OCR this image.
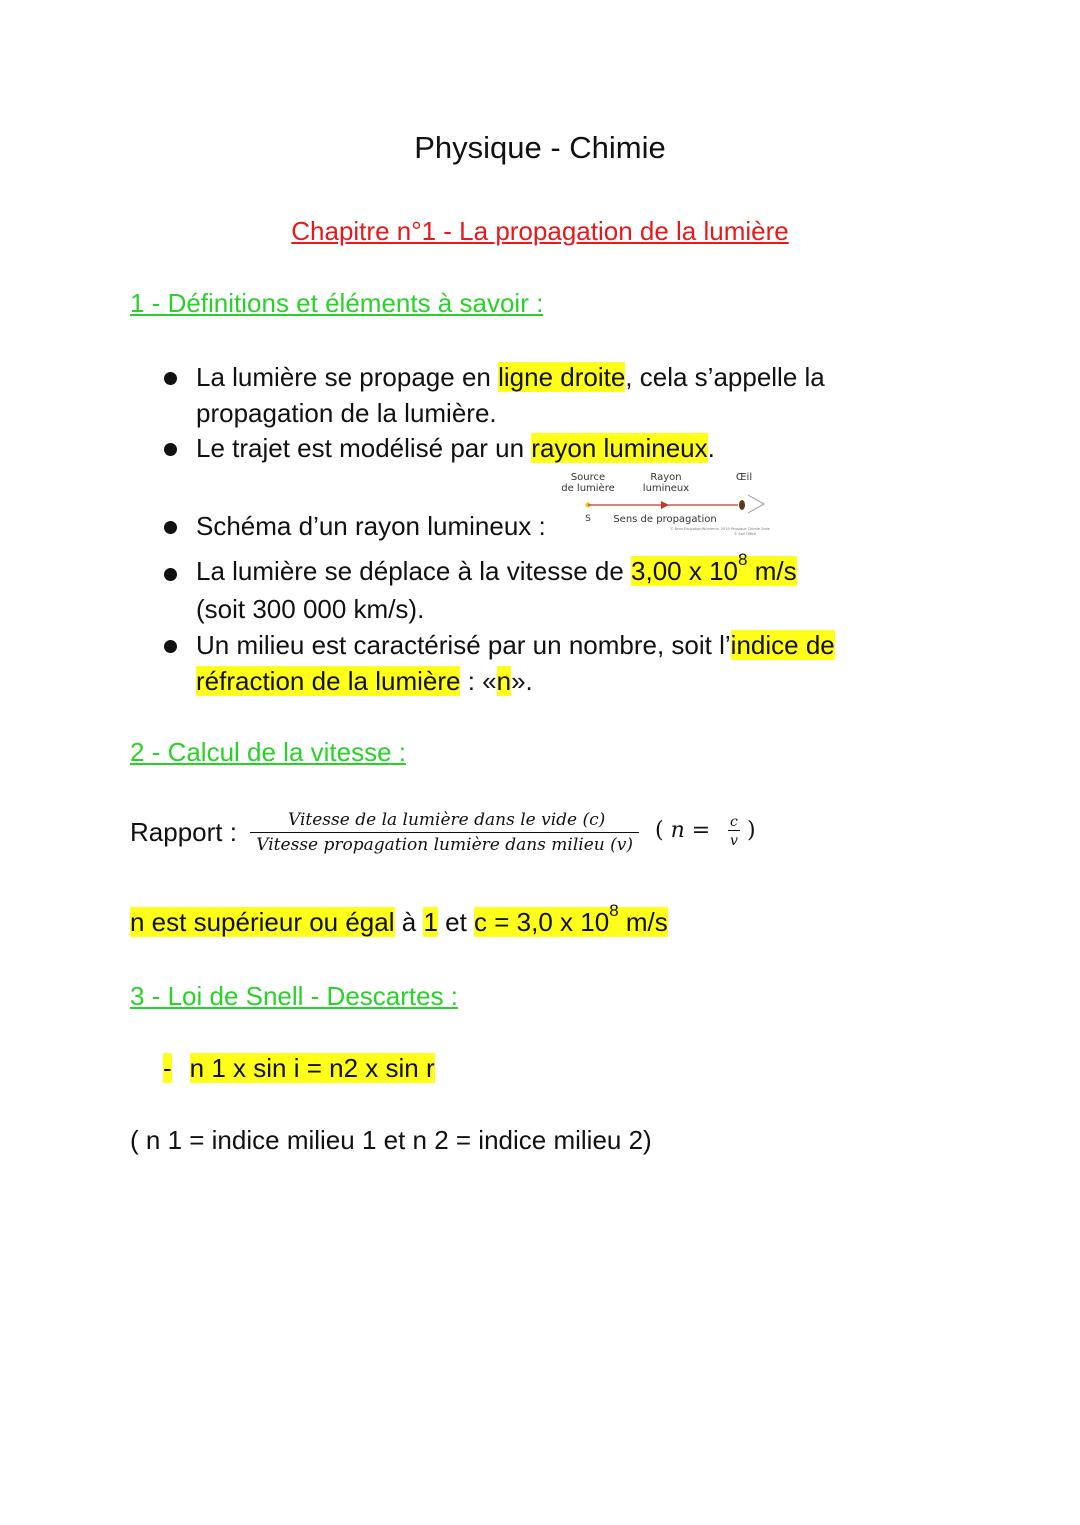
Physique - Chimie
Chapitre n°1 - La propagation de la lumière
1 - Définitions et éléments à savoir :
La lumière se propage en ligne droite, cela s’appelle la
propagation de la lumière.
Le trajet est modélisé par un rayon lumineux.
Source
de lumière
Rayon
lumineux
Œil
S Sens de propagation
© Bron Education/Numerus, 2019 Physique Chimie 2nde
© Sell Office
Schéma d’un rayon lumineux :
La lumière se déplace à la vitesse de 3,00 x $10^8$ m/s
(soit 300 000 km/s).
Un milieu est caractérisé par un nombre, soit l’indice de
réfraction de la lumière : «n».
2 - Calcul de la vitesse :
Rapport : $\frac{\text{Vitesse de la lumière dans le vide (c)}}{\text{Vitesse propagation lumière dans milieu (v)}}$ ( $n = \frac{c}{v}$ )
n est supérieur ou égal à 1 et c = 3,0 x $10^8$ m/s
3 - Loi de Snell - Descartes :
- n 1 x sin i = n2 x sin r
( n 1 = indice milieu 1 et n 2 = indice milieu 2)
